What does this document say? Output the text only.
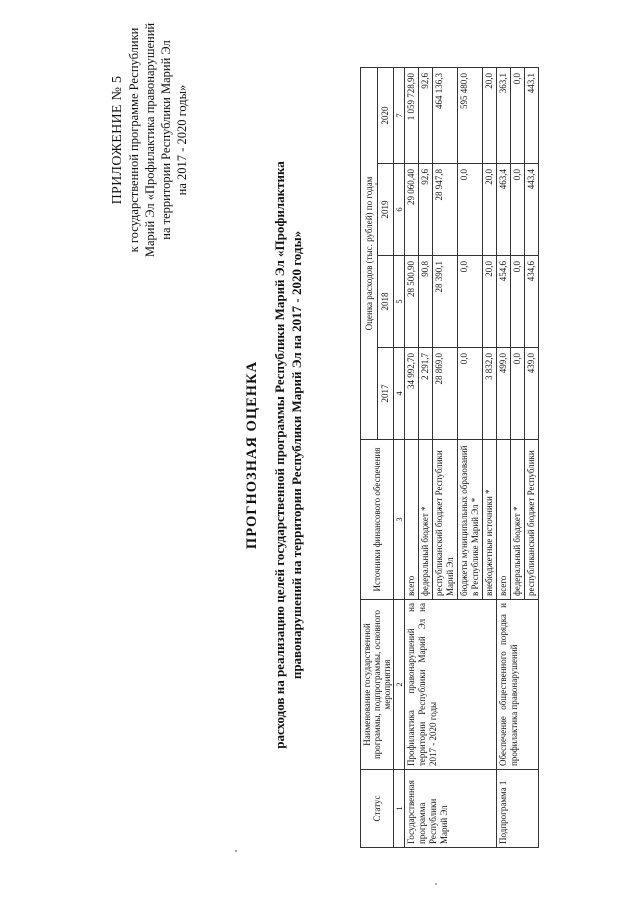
ПРИЛОЖЕНИЕ № 5 к государственной программе Республики Марий Эл «Профилактика правонарушений на территории Республики Марий Эл на 2017 - 2020 годы»
ПРОГНОЗНАЯ ОЦЕНКА расходов на реализацию целей государственной программы Республики Марий Эл «Профилактика правонарушений на территории Республики Марий Эл на 2017 - 2020 годы»
Статус	Наименование государственной программы, подпрограммы, основного мероприятия	Источники финансового обеспечения	Оценка расходов (тыс. рублей) по годам			
			2017	2018	2019	2020
1	2	3	4	5	6	7
Государственная программа Республики Марий Эл	Профилактика правонарушений на территории Республики Марий Эл на 2017 - 2020 годы	всего	34 992,70	28 500,90	29 060,40	1 059 728,90
		федеральный бюджет *	2 291,7	90,8	92,6	92,6
		республиканский бюджет Республики Марий Эл	28 869,0	28 390,1	28 947,8	464 136,3
		бюджеты муниципальных образований в Республике Марий Эл *	0,0	0,0	0,0	595 480,0
		внебюджетные источники *	3 832,0	20,0	20,0	20,0
Подпрограмма 1	Обеспечение общественного порядка и профилактика правонарушений	всего	499,0	454,6	463,4	363,1
		федеральный бюджет *	0,0	0,0	0,0	0,0
		республиканский бюджет Республики	439,0	434,6	443,4	443,1
